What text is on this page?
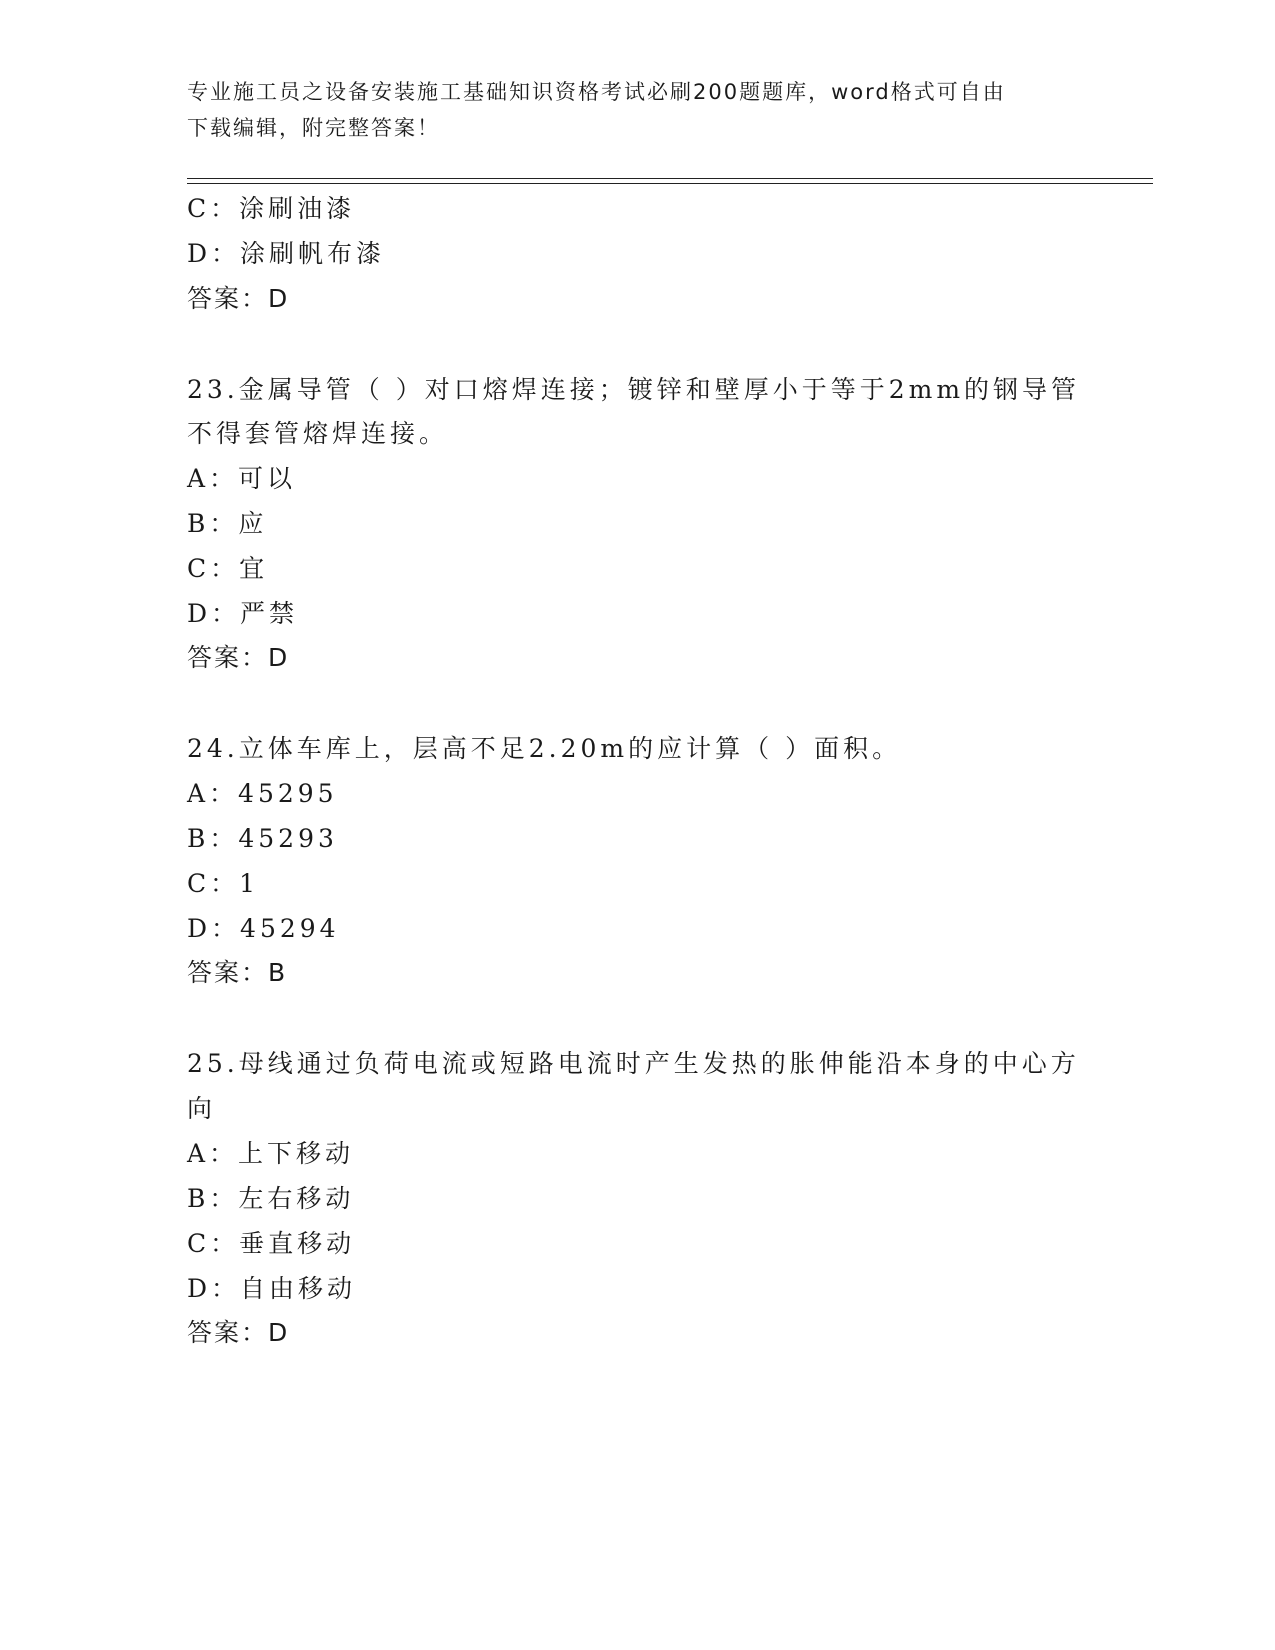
专业施工员之设备安装施工基础知识资格考试必刷200题题库，word格式可自由
下载编辑，附完整答案！
C：涂刷油漆
D：涂刷帆布漆
答案：D
23.金属导管（ ）对口熔焊连接；镀锌和壁厚小于等于2mm的钢导管
不得套管熔焊连接。
A：可以
B：应
C：宜
D：严禁
答案：D
24.立体车库上，层高不足2.20m的应计算（ ）面积。
A：45295
B：45293
C：1
D：45294
答案：B
25.母线通过负荷电流或短路电流时产生发热的胀伸能沿本身的中心方
向
A：上下移动
B：左右移动
C：垂直移动
D：自由移动
答案：D
